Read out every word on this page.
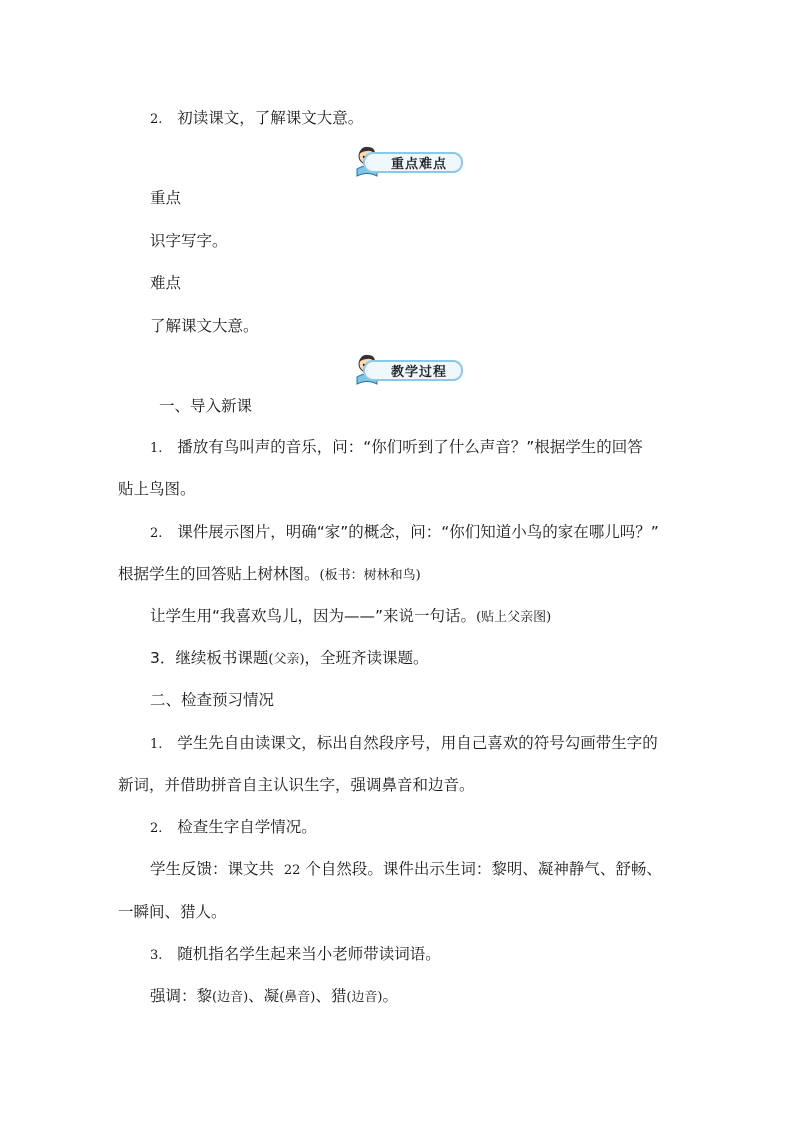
2. 初读课文，了解课文大意。
重点难点
重点
识字写字。
难点
了解课文大意。
教学过程
一、导入新课
1. 播放有鸟叫声的音乐，问：“你们听到了什么声音？”根据学生的回答
贴上鸟图。
2. 课件展示图片，明确“家”的概念，问：“你们知道小鸟的家在哪儿吗？”
根据学生的回答贴上树林图。(板书：树林和鸟)
让学生用“我喜欢鸟儿，因为——”来说一句话。(贴上父亲图)
3．继续板书课题(父亲)，全班齐读课题。
二、检查预习情况
1. 学生先自由读课文，标出自然段序号，用自己喜欢的符号勾画带生字的
新词，并借助拼音自主认识生字，强调鼻音和边音。
2. 检查生字自学情况。
学生反馈：课文共 22 个自然段。课件出示生词：黎明、凝神静气、舒畅、
一瞬间、猎人。
3. 随机指名学生起来当小老师带读词语。
强调：黎(边音)、凝(鼻音)、猎(边音)。
